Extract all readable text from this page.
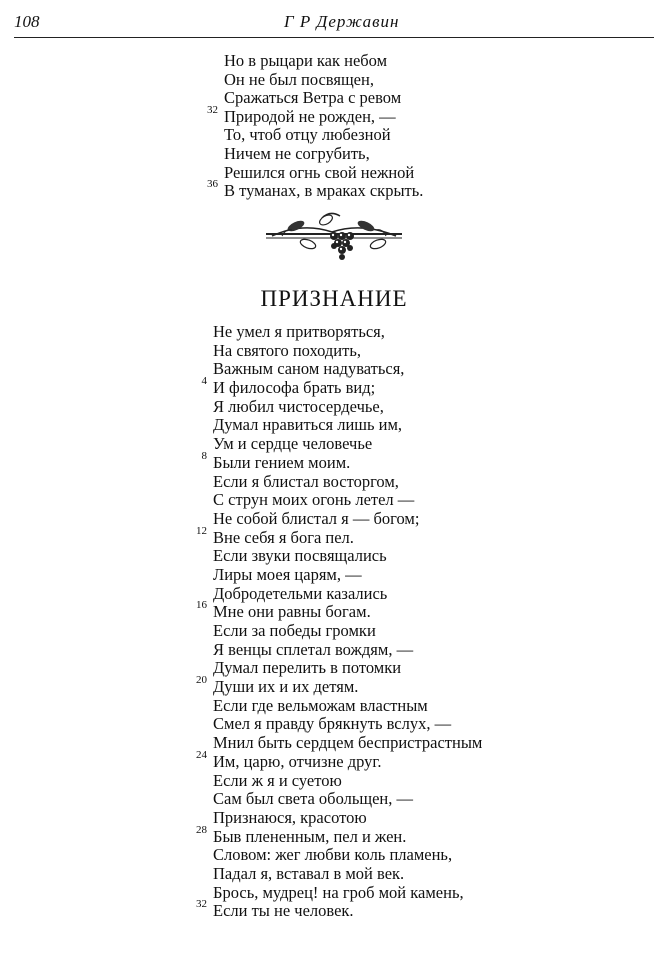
108	Г Р Державин
Но в рыцари как небом
Он не был посвящен,
Сражаться Ветра с ревом
Природой не рожден, —
32
То, чтоб отцу любезной
Ничем не согрубить,
Решился огнь свой нежной
В туманах, в мраках скрыть.
36
ПРИЗНАНИЕ
Не умел я притворяться,
На святого походить,
Важным саном надуваться,
И философа брать вид;
4
Я любил чистосердечье,
Думал нравиться лишь им,
Ум и сердце человечье
Были гением моим.
8
Если я блистал восторгом,
С струн моих огонь летел —
Не собой блистал я — богом;
Вне себя я бога пел.
12
Если звуки посвящались
Лиры моея царям, —
Добродетельми казались
Мне они равны богам.
16
Если за победы громки
Я венцы сплетал вождям, —
Думал перелить в потомки
Души их и их детям.
20
Если где вельможам властным
Смел я правду брякнуть вслух, —
Мнил быть сердцем беспристрастным
Им, царю, отчизне друг.
24
Если ж я и суетою
Сам был света обольщен, —
Признаюся, красотою
Быв плененным, пел и жен.
28
Словом: жег любви коль пламень,
Падал я, вставал в мой век.
Брось, мудрец! на гроб мой камень,
Если ты не человек.
32
